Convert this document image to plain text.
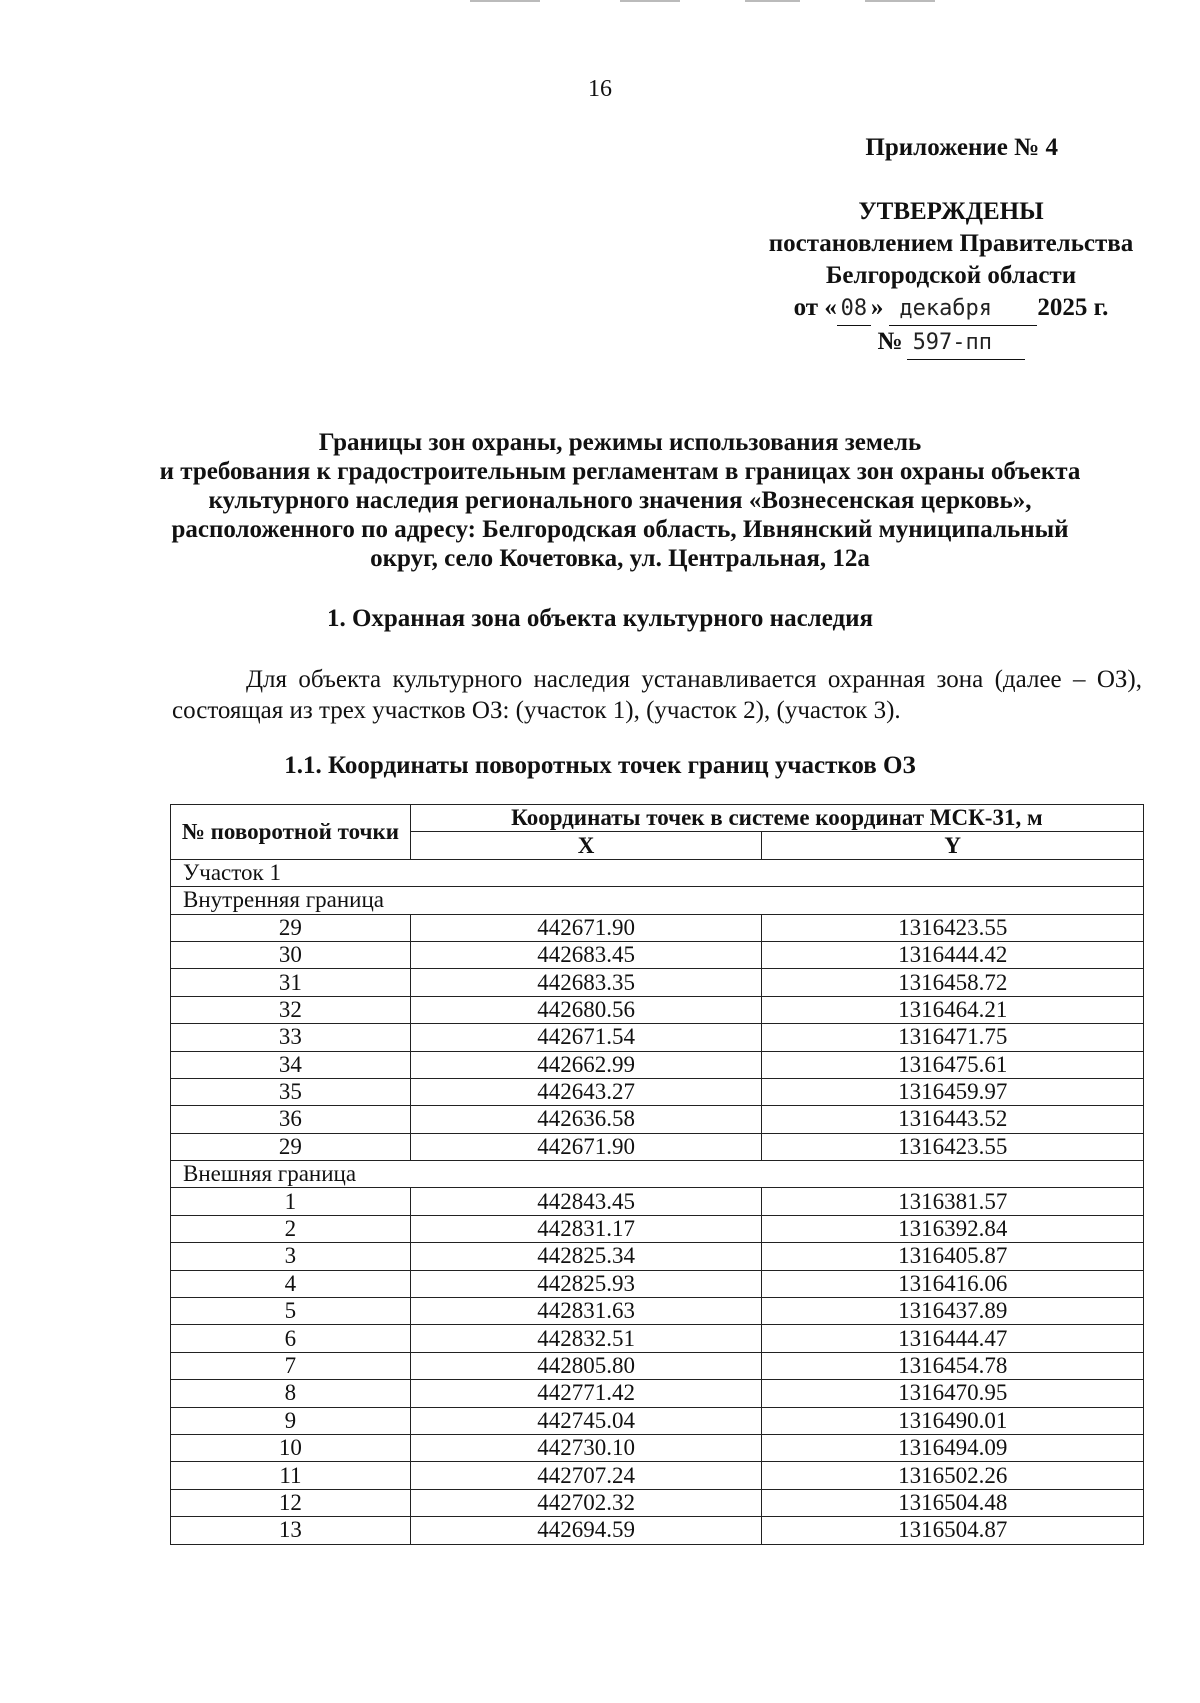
16
Приложение № 4
УТВЕРЖДЕНЫ
постановлением Правительства
Белгородской области
от « 08 » декабря 2025 г.
№ 597-пп
Границы зон охраны, режимы использования земель
и требования к градостроительным регламентам в границах зон охраны объекта
культурного наследия регионального значения «Вознесенская церковь»,
расположенного по адресу: Белгородская область, Ивнянский муниципальный
округ, село Кочетовка, ул. Центральная, 12а
1. Охранная зона объекта культурного наследия
Для объекта культурного наследия устанавливается охранная зона (далее – ОЗ), состоящая из трех участков ОЗ: (участок 1), (участок 2), (участок 3).
1.1. Координаты поворотных точек границ участков ОЗ
№ поворотной точки	Координаты точек в системе координат МСК-31, м	
	X	Y
Участок 1		
Внутренняя граница		
29	442671.90	1316423.55
30	442683.45	1316444.42
31	442683.35	1316458.72
32	442680.56	1316464.21
33	442671.54	1316471.75
34	442662.99	1316475.61
35	442643.27	1316459.97
36	442636.58	1316443.52
29	442671.90	1316423.55
Внешняя граница		
1	442843.45	1316381.57
2	442831.17	1316392.84
3	442825.34	1316405.87
4	442825.93	1316416.06
5	442831.63	1316437.89
6	442832.51	1316444.47
7	442805.80	1316454.78
8	442771.42	1316470.95
9	442745.04	1316490.01
10	442730.10	1316494.09
11	442707.24	1316502.26
12	442702.32	1316504.48
13	442694.59	1316504.87
